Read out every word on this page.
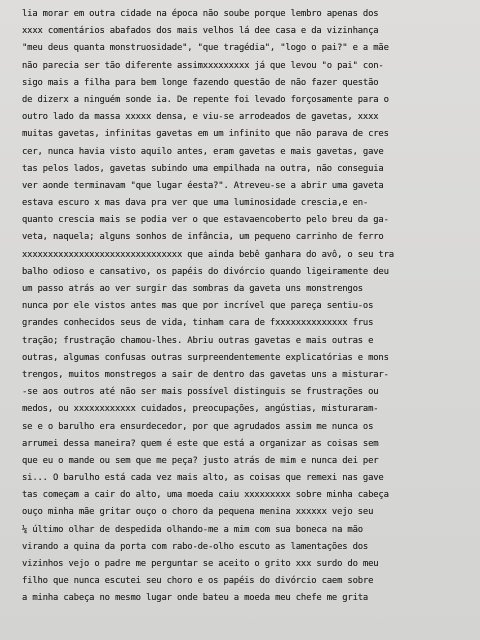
lia morar em outra cidade na época não soube porque lembro apenas dos
xxxx comentários abafados dos mais velhos lá dee casa e da vizinhança
"meu deus quanta monstruosidade", "que tragédia", "logo o pai?" e a mãe
não parecia ser tão diferente assimxxxxxxxxx já que levou "o pai" con-
sigo mais a filha para bem longe fazendo questão de não fazer questão
de dizerx a ninguém sonde ia. De repente foi levado forçosamente para o
outro lado da massa xxxxx densa, e viu-se arrodeados de gavetas, xxxx
muitas gavetas, infinitas gavetas em um infinito que não parava de cres
cer, nunca havia visto aquilo antes, eram gavetas e mais gavetas, gave
tas pelos lados, gavetas subindo uma empilhada na outra, não conseguia
ver aonde terminavam "que lugar éesta?". Atreveu-se a abrir uma gaveta
estava escuro x mas dava pra ver que uma luminosidade crescia,e en-
quanto crescia mais se podia ver o que estavaencoberto pelo breu da ga-
veta, naquela; alguns sonhos de infância, um pequeno carrinho de ferro
xxxxxxxxxxxxxxxxxxxxxxxxxxxxxxx que ainda bebê ganhara do avô, o seu tra
balho odioso e cansativo, os papéis do divórcio quando ligeiramente deu
um passo atrás ao ver surgir das sombras da gaveta uns monstrengos
nunca por ele vistos antes mas que por incrível que pareça sentiu-os
grandes conhecidos seus de vida, tinham cara de fxxxxxxxxxxxxxx frus
tração; frustração chamou-lhes. Abriu outras gavetas e mais outras e
outras, algumas confusas outras surpreendentemente explicatórias e mons
trengos, muitos monstregos a sair de dentro das gavetas uns a misturar-
-se aos outros até não ser mais possível distinguis se frustrações ou
medos, ou xxxxxxxxxxxx cuidados, preocupações, angústias, misturaram-
se e o barulho era ensurdecedor, por que agrudados assim me nunca os
arrumei dessa maneira? quem é este que está a organizar as coisas sem
que eu o mande ou sem que me peça? justo atrás de mim e nunca dei per
si... O barulho está cada vez mais alto, as coisas que remexi nas gave
tas começam a cair do alto, uma moeda caiu xxxxxxxxx sobre minha cabeça
ouço minha mãe gritar ouço o choro da pequena menina xxxxxx vejo seu
¼ último olhar de despedida olhando-me a mim com sua boneca na mão
virando a quina da porta com rabo-de-olho escuto as lamentações dos
vizinhos vejo o padre me perguntar se aceito o grito xxx surdo do meu
filho que nunca escutei seu choro e os papéis do divórcio caem sobre
a minha cabeça no mesmo lugar onde bateu a moeda meu chefe me grita
